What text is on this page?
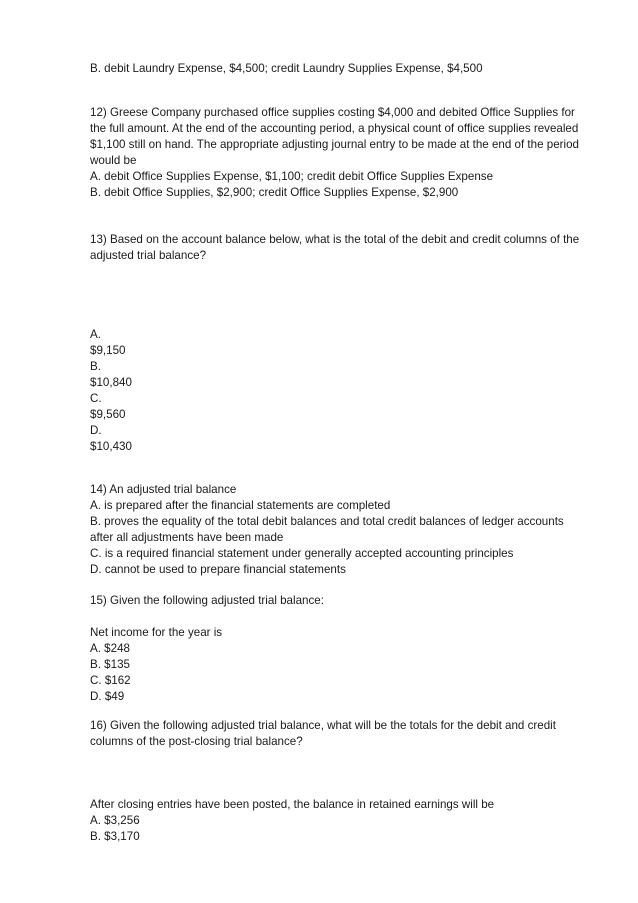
B. debit Laundry Expense, $4,500; credit Laundry Supplies Expense, $4,500
12) Greese Company purchased office supplies costing $4,000 and debited Office Supplies for
the full amount. At the end of the accounting period, a physical count of office supplies revealed
$1,100 still on hand. The appropriate adjusting journal entry to be made at the end of the period
would be
A. debit Office Supplies Expense, $1,100; credit debit Office Supplies Expense
B. debit Office Supplies, $2,900; credit Office Supplies Expense, $2,900
13) Based on the account balance below, what is the total of the debit and credit columns of the
adjusted trial balance?
A.
$9,150
B.
$10,840
C.
$9,560
D.
$10,430
14) An adjusted trial balance
A. is prepared after the financial statements are completed
B. proves the equality of the total debit balances and total credit balances of ledger accounts
after all adjustments have been made
C. is a required financial statement under generally accepted accounting principles
D. cannot be used to prepare financial statements
15) Given the following adjusted trial balance:
Net income for the year is
A. $248
B. $135
C. $162
D. $49
16) Given the following adjusted trial balance, what will be the totals for the debit and credit
columns of the post-closing trial balance?
After closing entries have been posted, the balance in retained earnings will be
A. $3,256
B. $3,170
